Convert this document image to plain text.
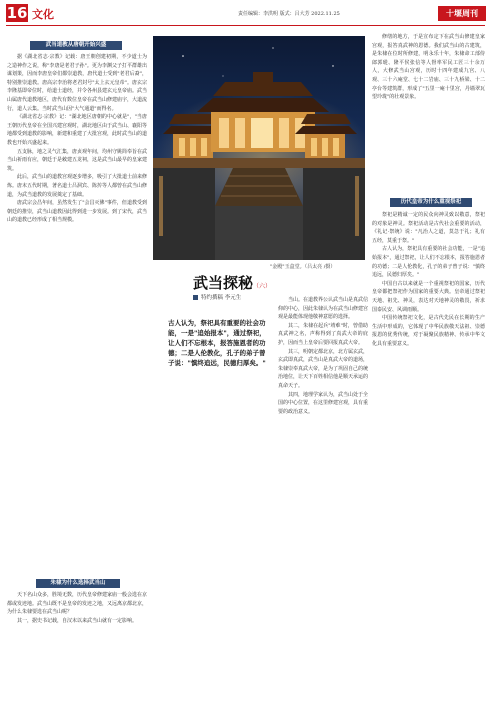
16 文化	责任编辑：李洪明 版式：吕大芳 2022.11.25	十堰周刊
武当道教从唐朝开始兴盛

据《湖北省志·宗教》记载：唐王朝创建初期，不少道士为之造神作之说，称"李唐是老君子孙"。更为李渊父子打平群雄出谋划策，因而李唐皇帝们都崇道教，唐代道士受到"老君后裔"，特别推崇道教。唐高宗李治将老君封号"太上玄元皇帝"。唐玄宗李隆基即帝位时，给道士道经，并令各州县建玄元皇帝庙。武当山属唐代道教地区，唐代有数位皇帝在武当山修建庙宇，大道流行，道人云集。当时武当山因"大气通道"而得名。

《湖北省志·宗教》记："湖北地区唐朝的中心就是"，"当唐王朝历代皇帝在全国兴建宫观时，湖北地区由于武当山、襄阳等地都受到道教的影响，新建和重建了大批宫观，此时武当山的道教也开始兴盛起来。

五支脉，地之灵气汇集，唐贞观年间，均州守姚简奉旨在武当山祈雨有应，朝廷于是敕建五龙祠，这是武当山最早的皇家建筑。

此后，武当山的道教宫观逐步增多，吸引了大批道士前来修炼。唐末五代时期，著名道士吕洞宾、陈抟等人都曾在武当山修道，为武当道教的发展奠定了基础。

唐武宗会昌年间，虽然发生了"会昌灭佛"事件，但道教受到朝廷的推崇，武当山道教因此得到进一步发展。到了宋代，武当山的道教已经形成了相当规模。

朱棣为什么选择武当山

天下名山众多，胜境无数，历代皇帝修建家庙一般会选在京都或发迹地。武当山既不是皇帝的发迹之地，又远离京都北京，为什么朱棣要选在武当山呢？

其一，据史书记载，自汉末以来武当山就有一定影响。

"金殿"玉盒堂。（吕太亮 /摄）
武当探秘（六）
特约撰稿 李元生
古人认为，祭祀具有重要的社会功能，一是"追始报本"，通过祭祀，让人们不忘根本，报答施恩者的功德；二是人伦教化，孔子的弟子曾子说："慎终追远，民德归厚矣。"

当山。在道教界公认武当山是真武信仰的中心，因此朱棣认为在武当山修建宫观是最能体现他敬神意愿的选择。

其二，朱棣在起兵"靖难"时，曾借助真武神之名，声称得到了真武大帝的庇护，因而当上皇帝后要回报真武大帝。

其三，明朝定都北京，北方属玄武，玄武即真武，武当山是真武大帝的道场，朱棣崇奉真武大帝，是为了巩固自己的统治地位，让天下百姓相信他是顺天承运的真命天子。

其四，地理学家认为，武当山处于全国的中心位置，在这里修建宫观，具有重要的政治意义。

修缮的地方，于是宣布定下在武当山修建皇家宫观，报答真武神的恩德。我们武当山的古建筑，是朱棣在位时所修建，明永乐十年，朱棣命工部侍郎郭琎、隆平侯张信等人督率军民工匠三十余万人，大修武当山宫观，历时十四年建成九宫、八观、三十六庵堂、七十二岩庙、三十九桥梁、十二亭台等建筑群，形成了"五里一庵十里宫，丹墙翠瓦望玲珑"的壮观景象。

历代皇帝为什么重视祭祀

祭祀是精诚一定的民众向神灵致以敬意，祭祀的对象是神灵。祭祀活动是古代社会重要的活动，《礼记·祭统》说："凡治人之道，莫急于礼；礼有五经，莫重于祭。"

古人认为，祭祀具有重要的社会功能，一是"追始报本"，通过祭祀，让人们不忘根本，报答施恩者的功德；二是人伦教化，孔子的弟子曾子说："慎终追远，民德归厚矣。"

中国自古以来就是一个重视祭祀的国家，历代皇帝都把祭祀作为国家的重要大典。皇帝通过祭祀天地、祖先、神灵，表达对天地神灵的敬畏，祈求国泰民安、风调雨顺。

中国传统祭祀文化，是古代先民在长期的生产生活中形成的，它体现了中华民族敬天法祖、崇德报恩的优秀传统，对于凝聚民族精神、传承中华文化具有重要意义。
